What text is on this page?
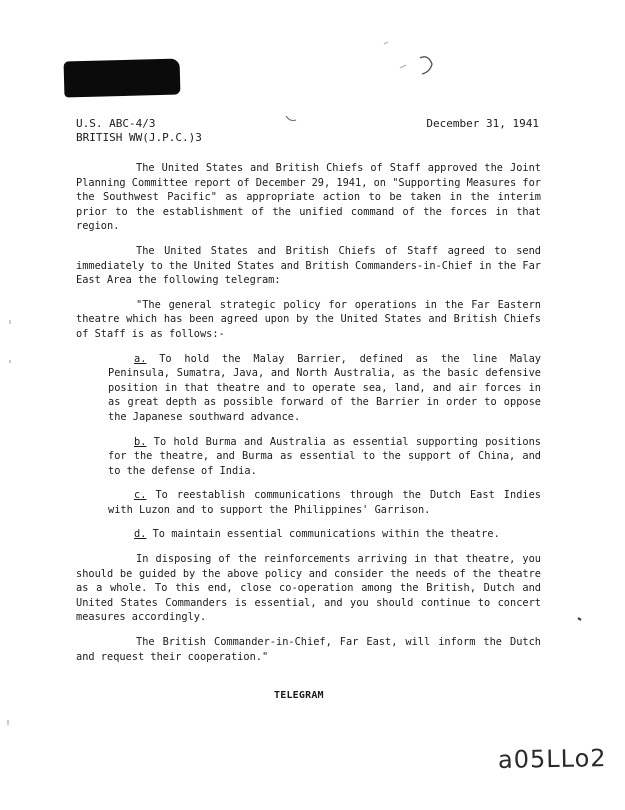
U.S. ABC-4/3
BRITISH WW(J.P.C.)3
December 31, 1941

The United States and British Chiefs of Staff approved the Joint Planning Committee report of December 29, 1941, on "Supporting Measures for the Southwest Pacific" as appropriate action to be taken in the interim prior to the establishment of the unified command of the forces in that region.

The United States and British Chiefs of Staff agreed to send immediately to the United States and British Commanders-in-Chief in the Far East Area the following telegram:

"The general strategic policy for operations in the Far Eastern theatre which has been agreed upon by the United States and British Chiefs of Staff is as follows:-

a. To hold the Malay Barrier, defined as the line Malay Peninsula, Sumatra, Java, and North Australia, as the basic defensive position in that theatre and to operate sea, land, and air forces in as great depth as possible forward of the Barrier in order to oppose the Japanese southward advance.

b. To hold Burma and Australia as essential supporting positions for the theatre, and Burma as essential to the support of China, and to the defense of India.

c. To reestablish communications through the Dutch East Indies with Luzon and to support the Philippines' Garrison.

d. To maintain essential communications within the theatre.

In disposing of the reinforcements arriving in that theatre, you should be guided by the above policy and consider the needs of the theatre as a whole. To this end, close co-operation among the British, Dutch and United States Commanders is essential, and you should continue to concert measures accordingly.

The British Commander-in-Chief, Far East, will inform the Dutch and request their cooperation."

TELEGRAM
a05LLo2
